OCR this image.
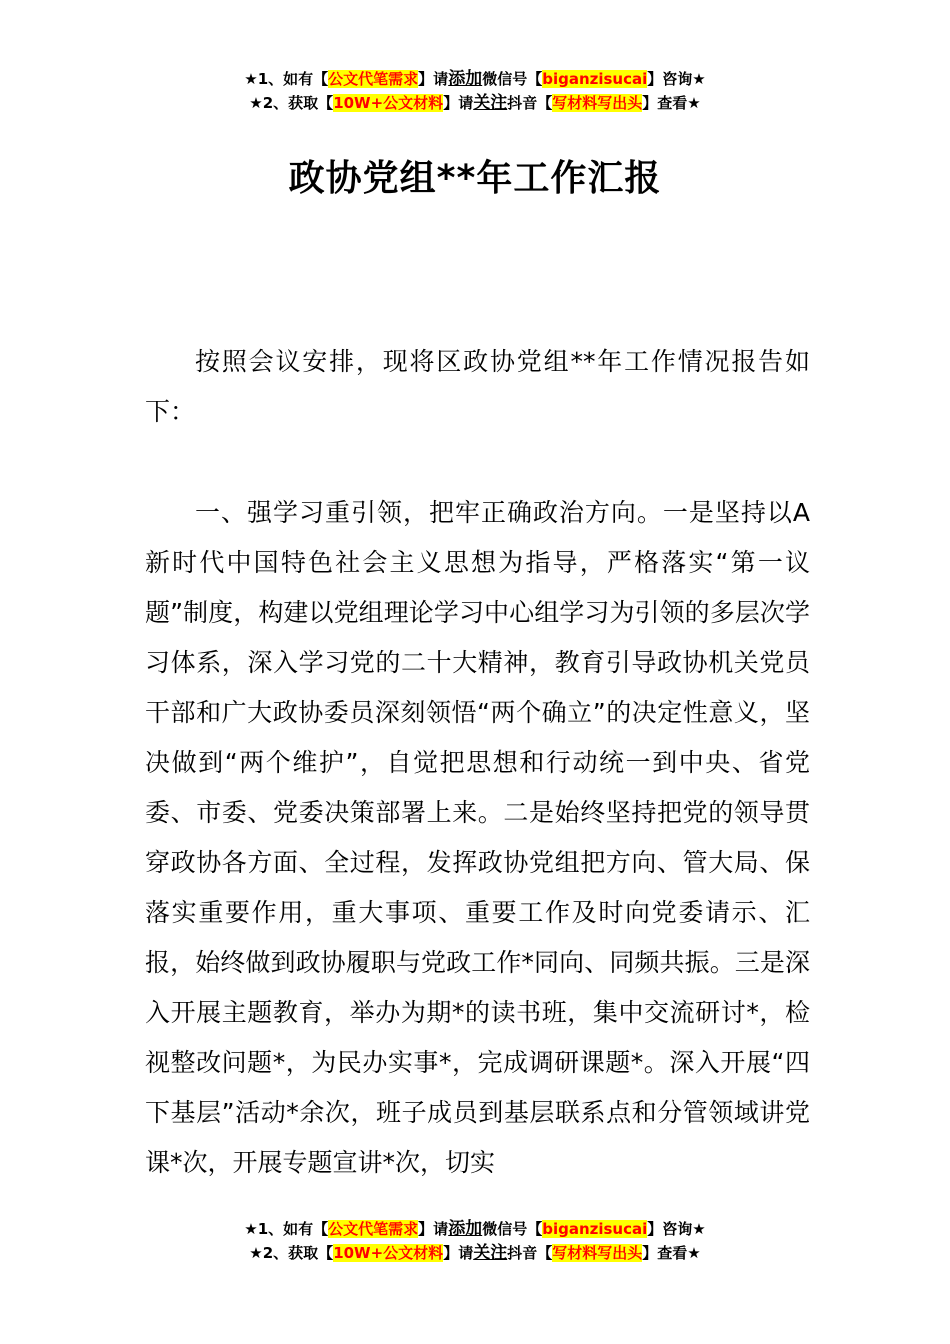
★1、如有【公文代笔需求】请添加微信号【biganzisucai】咨询★
★2、获取【10W+公文材料】请关注抖音【写材料写出头】查看★
政协党组**年工作汇报

按照会议安排，现将区政协党组**年工作情况报告如下：

一、强学习重引领，把牢正确政治方向。一是坚持以A新时代中国特色社会主义思想为指导，严格落实“第一议题”制度，构建以党组理论学习中心组学习为引领的多层次学习体系，深入学习党的二十大精神，教育引导政协机关党员干部和广大政协委员深刻领悟“两个确立”的决定性意义，坚决做到“两个维护”，自觉把思想和行动统一到中央、省党委、市委、党委决策部署上来。二是始终坚持把党的领导贯穿政协各方面、全过程，发挥政协党组把方向、管大局、保落实重要作用，重大事项、重要工作及时向党委请示、汇报，始终做到政协履职与党政工作*同向、同频共振。三是深入开展主题教育，举办为期*的读书班，集中交流研讨*，检视整改问题*，为民办实事*，完成调研课题*。深入开展“四下基层”活动*余次，班子成员到基层联系点和分管领域讲党课*次，开展专题宣讲*次，切实

★1、如有【公文代笔需求】请添加微信号【biganzisucai】咨询★
★2、获取【10W+公文材料】请关注抖音【写材料写出头】查看★
